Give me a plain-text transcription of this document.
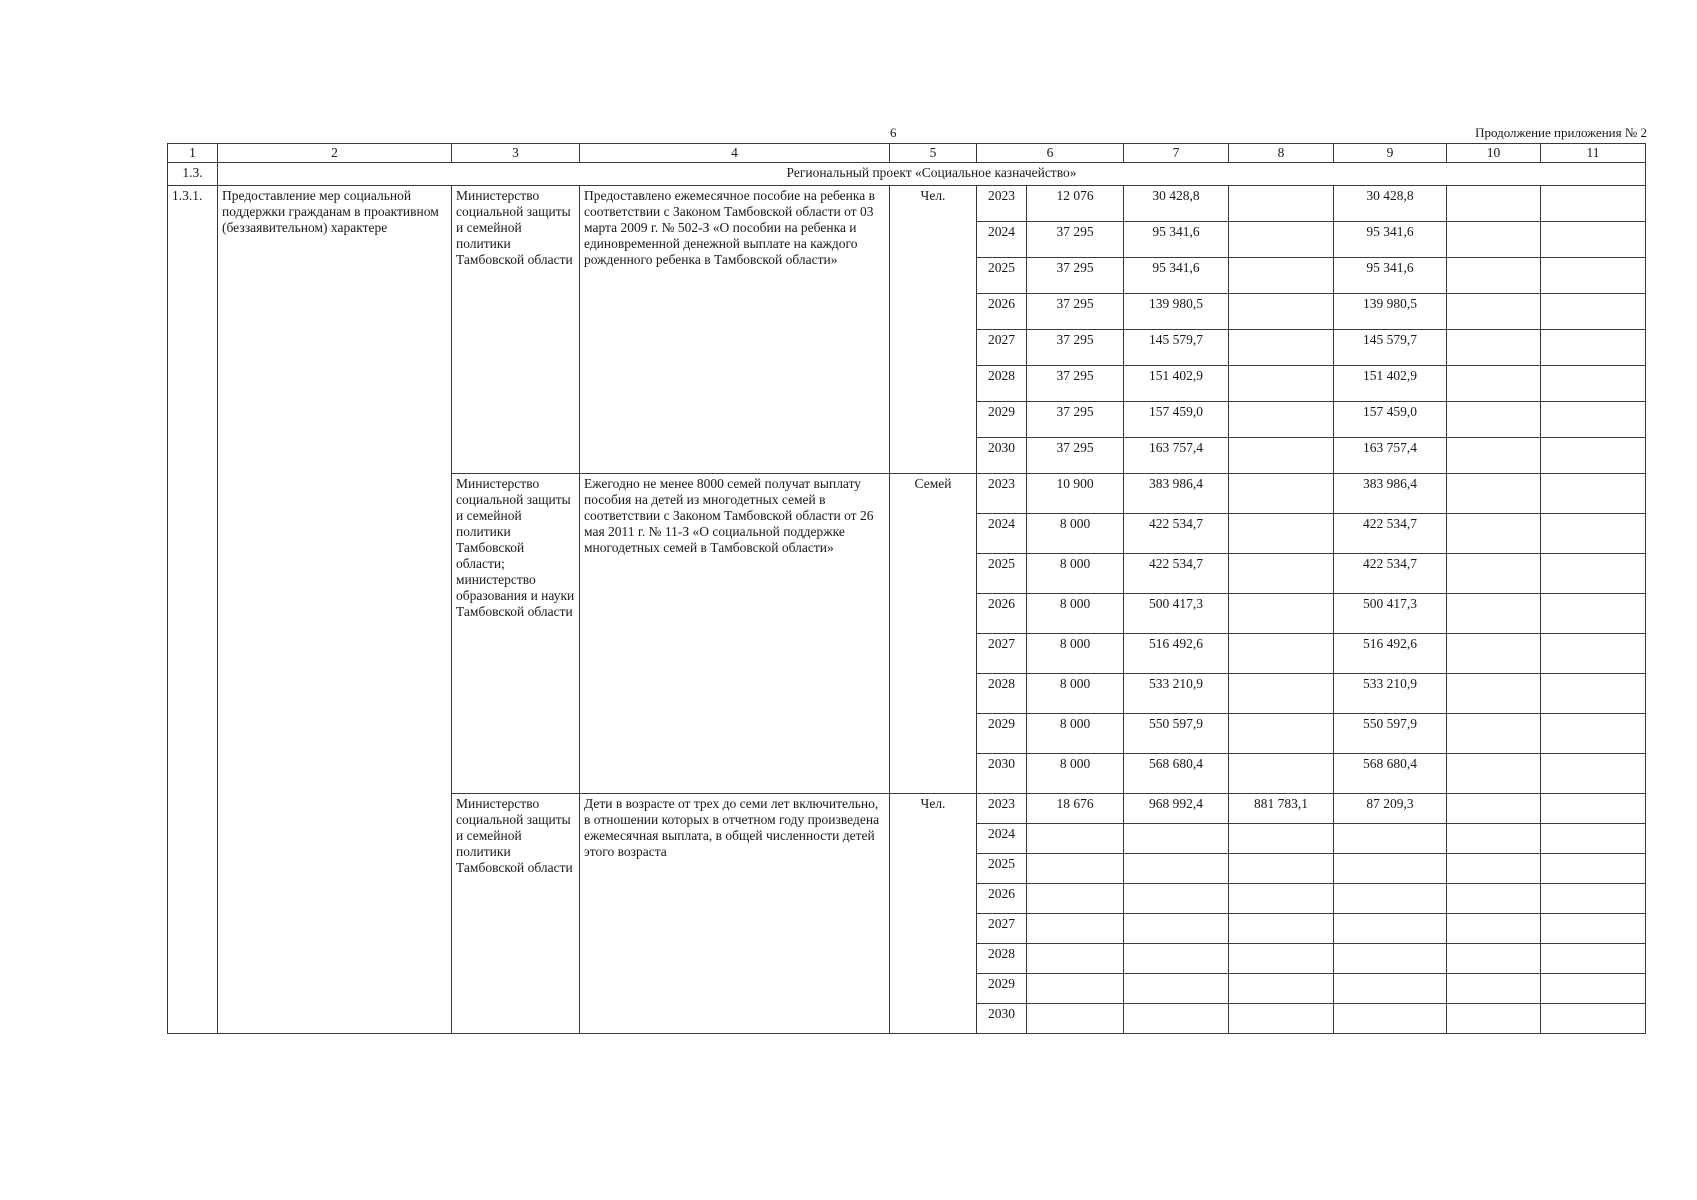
6	Продолжение приложения № 2
1	2	3	4	5	6		7	8	9	10	11
1.3.	Региональный проект «Социальное казначейство»										
1.3.1.	Предоставление мер социальной поддержки гражданам в проактивном (беззаявительном) характере	Министерство социальной защиты и семейной политики Тамбовской области	Предоставлено ежемесячное пособие на ребенка в соответствии с Законом Тамбовской области от 03 марта 2009 г. № 502-З «О пособии на ребенка и единовременной денежной выплате на каждого рожденного ребенка в Тамбовской области»	Чел.	2023	12 076	30 428,8		30 428,8		
					2024	37 295	95 341,6		95 341,6		
					2025	37 295	95 341,6		95 341,6		
					2026	37 295	139 980,5		139 980,5		
					2027	37 295	145 579,7		145 579,7		
					2028	37 295	151 402,9		151 402,9		
					2029	37 295	157 459,0		157 459,0		
					2030	37 295	163 757,4		163 757,4		
		Министерство социальной защиты и семейной политики Тамбовской области; министерство образования и науки Тамбовской области	Ежегодно не менее 8000 семей получат выплату пособия на детей из многодетных семей в соответствии с Законом Тамбовской области от 26 мая 2011 г. № 11-З «О социальной поддержке многодетных семей в Тамбовской области»	Семей	2023	10 900	383 986,4		383 986,4		
					2024	8 000	422 534,7		422 534,7		
					2025	8 000	422 534,7		422 534,7		
					2026	8 000	500 417,3		500 417,3		
					2027	8 000	516 492,6		516 492,6		
					2028	8 000	533 210,9		533 210,9		
					2029	8 000	550 597,9		550 597,9		
					2030	8 000	568 680,4		568 680,4		
		Министерство социальной защиты и семейной политики Тамбовской области	Дети в возрасте от трех до семи лет включительно, в отношении которых в отчетном году произведена ежемесячная выплата, в общей численности детей этого возраста	Чел.	2023	18 676	968 992,4	881 783,1	87 209,3		
					2024						
					2025						
					2026						
					2027						
					2028						
					2029						
					2030						
